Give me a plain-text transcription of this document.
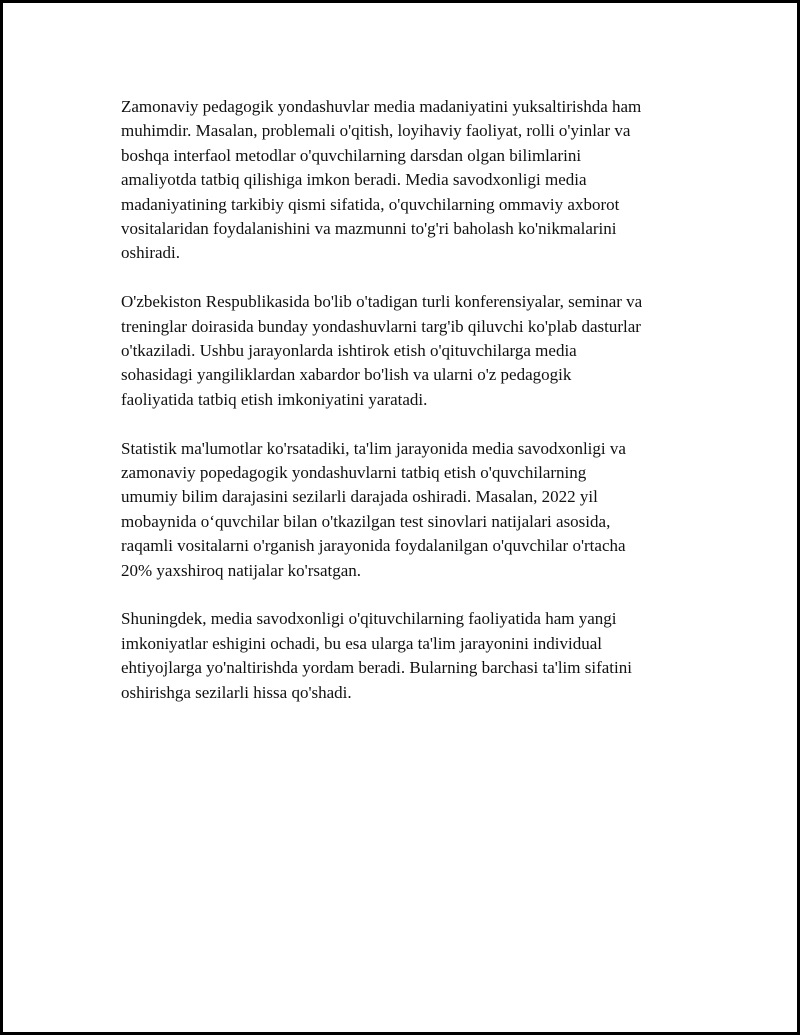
Zamonaviy pedagogik yondashuvlar media madaniyatini yuksaltirishda ham
muhimdir. Masalan, problemali o'qitish, loyihaviy faoliyat, rolli o'yinlar va
boshqa interfaol metodlar o'quvchilarning darsdan olgan bilimlarini
amaliyotda tatbiq qilishiga imkon beradi. Media savodxonligi media
madaniyatining tarkibiy qismi sifatida, o'quvchilarning ommaviy axborot
vositalaridan foydalanishini va mazmunni to'g'ri baholash ko'nikmalarini
oshiradi.

O'zbekiston Respublikasida bo'lib o'tadigan turli konferensiyalar, seminar va
treninglar doirasida bunday yondashuvlarni targ'ib qiluvchi ko'plab dasturlar
o'tkaziladi. Ushbu jarayonlarda ishtirok etish o'qituvchilarga media
sohasidagi yangiliklardan xabardor bo'lish va ularni o'z pedagogik
faoliyatida tatbiq etish imkoniyatini yaratadi.

Statistik ma'lumotlar ko'rsatadiki, ta'lim jarayonida media savodxonligi va
zamonaviy popedagogik yondashuvlarni tatbiq etish o'quvchilarning
umumiy bilim darajasini sezilarli darajada oshiradi. Masalan, 2022 yil
mobaynida o‘quvchilar bilan o'tkazilgan test sinovlari natijalari asosida,
raqamli vositalarni o'rganish jarayonida foydalanilgan o'quvchilar o'rtacha
20% yaxshiroq natijalar ko'rsatgan.

Shuningdek, media savodxonligi o'qituvchilarning faoliyatida ham yangi
imkoniyatlar eshigini ochadi, bu esa ularga ta'lim jarayonini individual
ehtiyojlarga yo'naltirishda yordam beradi. Bularning barchasi ta'lim sifatini
oshirishga sezilarli hissa qo'shadi.
